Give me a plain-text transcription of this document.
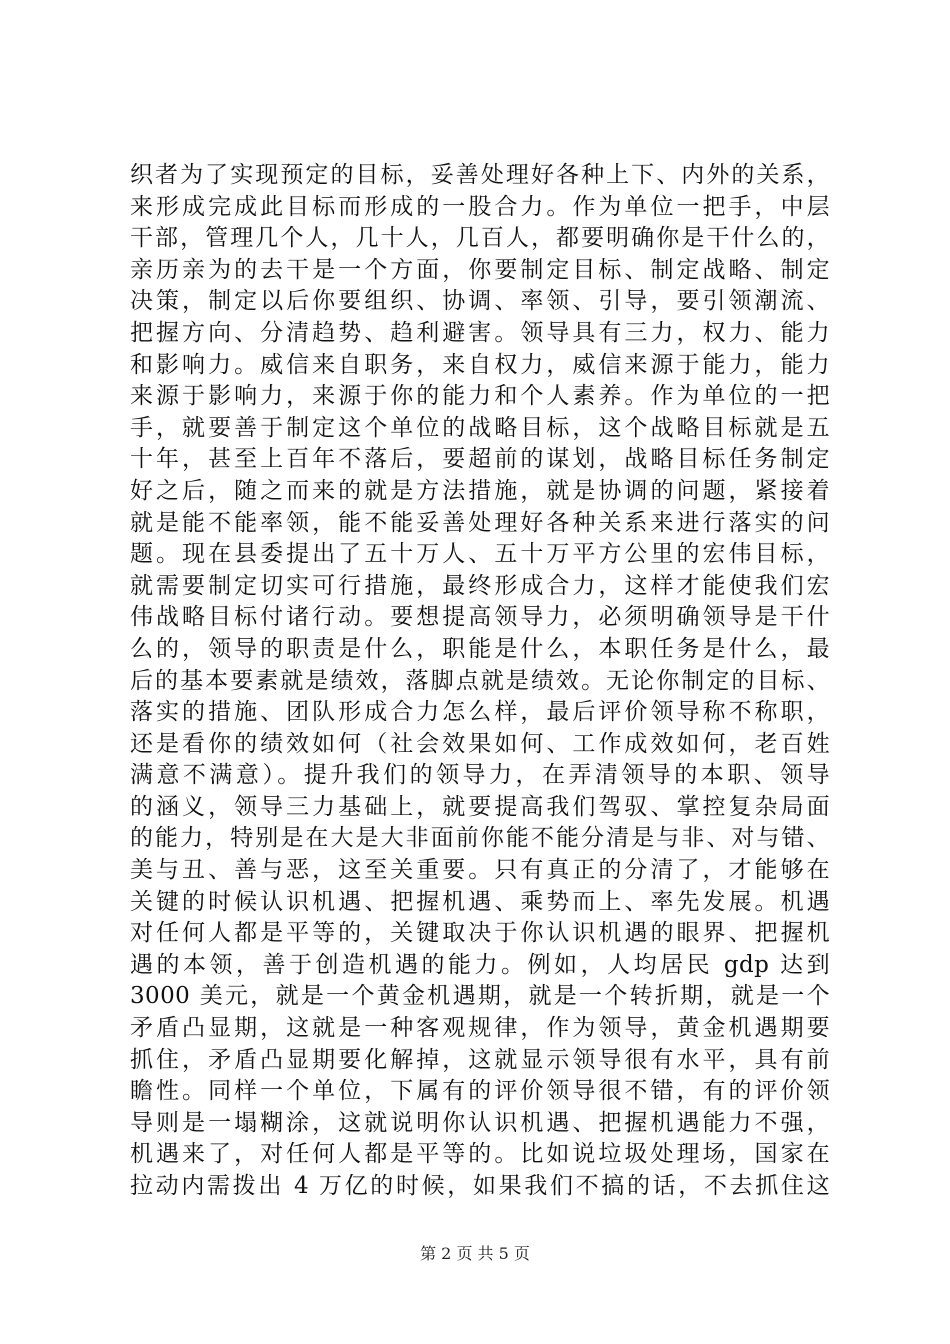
织者为了实现预定的目标，妥善处理好各种上下、内外的关系，
来形成完成此目标而形成的一股合力。作为单位一把手，中层
干部，管理几个人，几十人，几百人，都要明确你是干什么的，
亲历亲为的去干是一个方面，你要制定目标、制定战略、制定
决策，制定以后你要组织、协调、率领、引导，要引领潮流、
把握方向、分清趋势、趋利避害。领导具有三力，权力、能力
和影响力。威信来自职务，来自权力，威信来源于能力，能力
来源于影响力，来源于你的能力和个人素养。作为单位的一把
手，就要善于制定这个单位的战略目标，这个战略目标就是五
十年，甚至上百年不落后，要超前的谋划，战略目标任务制定
好之后，随之而来的就是方法措施，就是协调的问题，紧接着
就是能不能率领，能不能妥善处理好各种关系来进行落实的问
题。现在县委提出了五十万人、五十万平方公里的宏伟目标，
就需要制定切实可行措施，最终形成合力，这样才能使我们宏
伟战略目标付诸行动。要想提高领导力，必须明确领导是干什
么的，领导的职责是什么，职能是什么，本职任务是什么，最
后的基本要素就是绩效，落脚点就是绩效。无论你制定的目标、
落实的措施、团队形成合力怎么样，最后评价领导称不称职，
还是看你的绩效如何（社会效果如何、工作成效如何，老百姓
满意不满意）。提升我们的领导力，在弄清领导的本职、领导
的涵义，领导三力基础上，就要提高我们驾驭、掌控复杂局面
的能力，特别是在大是大非面前你能不能分清是与非、对与错、
美与丑、善与恶，这至关重要。只有真正的分清了，才能够在
关键的时候认识机遇、把握机遇、乘势而上、率先发展。机遇
对任何人都是平等的，关键取决于你认识机遇的眼界、把握机
遇的本领，善于创造机遇的能力。例如，人均居民 gdp 达到
3000 美元，就是一个黄金机遇期，就是一个转折期，就是一个
矛盾凸显期，这就是一种客观规律，作为领导，黄金机遇期要
抓住，矛盾凸显期要化解掉，这就显示领导很有水平，具有前
瞻性。同样一个单位，下属有的评价领导很不错，有的评价领
导则是一塌糊涂，这就说明你认识机遇、把握机遇能力不强，
机遇来了，对任何人都是平等的。比如说垃圾处理场，国家在
拉动内需拨出 4 万亿的时候，如果我们不搞的话，不去抓住这
第 2 页 共 5 页
